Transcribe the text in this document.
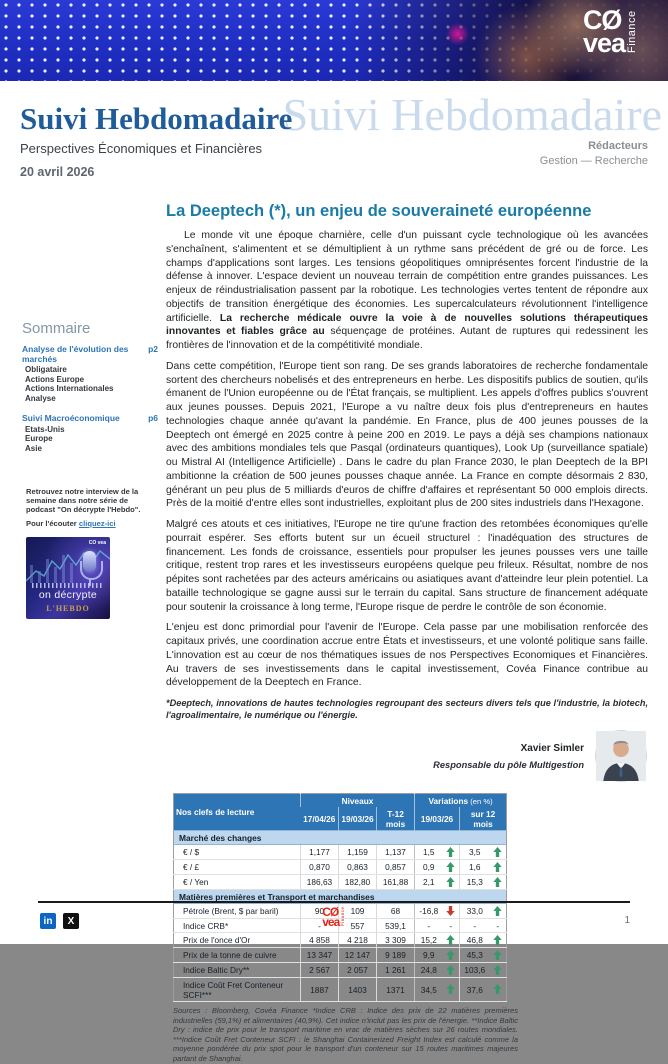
CØ
vea Finance
Suivi Hebdomadaire
Suivi Hebdomadaire
Perspectives Économiques et Financières
20 avril 2026
Rédacteurs
Gestion — Recherche
Sommaire
Analyse de l'évolution des marchés
p2
Obligataire
Actions Europe
Actions Internationales
Analyse
Suivi Macroéconomique	p6
Etats-Unis
Europe
Asie
Retrouvez notre interview de la semaine dans notre série de podcast "On décrypte l'Hebdo".
Pour l'écouter cliquez-ici
CO vea
on décrypte
L'HEBDO
La Deeptech (*), un enjeu de souveraineté européenne

Le monde vit une époque charnière, celle d'un puissant cycle technologique où les avancées s'enchaînent, s'alimentent et se démultiplient à un rythme sans précédent de gré ou de force. Les champs d'applications sont larges. Les tensions géopolitiques omniprésentes forcent l'industrie de la défense à innover. L'espace devient un nouveau terrain de compétition entre grandes puissances. Les enjeux de réindustrialisation passent par la robotique. Les technologies vertes tentent de répondre aux objectifs de transition énergétique des économies. Les supercalculateurs révolutionnent l'intelligence artificielle. La recherche médicale ouvre la voie à de nouvelles solutions thérapeutiques innovantes et fiables grâce au séquençage de protéines. Autant de ruptures qui redessinent les frontières de l'innovation et de la compétitivité mondiale.

Dans cette compétition, l'Europe tient son rang. De ses grands laboratoires de recherche fondamentale sortent des chercheurs nobelisés et des entrepreneurs en herbe. Les dispositifs publics de soutien, qu'ils émanent de l'Union européenne ou de l'État français, se multiplient. Les appels d'offres publics s'ouvrent aux jeunes pousses. Depuis 2021, l'Europe a vu naître deux fois plus d'entrepreneurs en hautes technologies chaque année qu'avant la pandémie. En France, plus de 400 jeunes pousses de la Deeptech ont émergé en 2025 contre à peine 200 en 2019. Le pays a déjà ses champions nationaux avec des ambitions mondiales tels que Pasqal (ordinateurs quantiques), Look Up (surveillance spatiale) ou Mistral AI (Intelligence Artificielle) . Dans le cadre du plan France 2030, le plan Deeptech de la BPI ambitionne la création de 500 jeunes pousses chaque année. La France en compte désormais 2 830, générant un peu plus de 5 milliards d'euros de chiffre d'affaires et représentant 50 000 emplois directs. Près de la moitié d'entre elles sont industrielles, exploitant plus de 200 sites industriels dans l'Hexagone.

Malgré ces atouts et ces initiatives, l'Europe ne tire qu'une fraction des retombées économiques qu'elle pourrait espérer. Ses efforts butent sur un écueil structurel : l'inadéquation des structures de financement. Les fonds de croissance, essentiels pour propulser les jeunes pousses vers une taille critique, restent trop rares et les investisseurs européens quelque peu frileux. Résultat, nombre de nos pépites sont rachetées par des acteurs américains ou asiatiques avant d'atteindre leur plein potentiel. La bataille technologique se gagne aussi sur le terrain du capital. Sans structure de financement adéquate pour soutenir la croissance à long terme, l'Europe risque de perdre le contrôle de son économie.

L'enjeu est donc primordial pour l'avenir de l'Europe. Cela passe par une mobilisation renforcée des capitaux privés, une coordination accrue entre États et investisseurs, et une volonté politique sans faille. L'innovation est au cœur de nos thématiques issues de nos Perspectives Economiques et Financières. Au travers de ses investissements dans le capital investissement, Covéa Finance contribue au développement de la Deeptech en France.

*Deeptech, innovations de hautes technologies regroupant des secteurs divers tels que l'industrie, la biotech, l'agroalimentaire, le numérique ou l'énergie.
Xavier Simler
Responsable du pôle Multigestion
Nos clefs de lecture	Niveaux			Variations (en %)			
	17/04/26	19/03/26	T-12 mois	19/03/26		sur 12 mois	
Marché des changes							
€ / $	1,177	1,159	1,137	1,5		3,5	
€ / £	0,870	0,863	0,857	0,9		1,6	
€ / Yen	186,63	182,80	161,88	2,1		15,3	
Matières premières et Transport et marchandises							
Pétrole (Brent, $ par baril)	90	109	68	-16,8		33,0	
Indice CRB*	-	557	539,1	-	-	-	-
Prix de l'once d'Or	4 858	4 218	3 309	15,2		46,8	
Prix de la tonne de cuivre	13 347	12 147	9 189	9,9		45,3	
Indice Baltic Dry**	2 567	2 057	1 261	24,8		103,6	
Indice Coût Fret Conteneur SCFI***	1887	1403	1371	34,5		37,6	
Sources : Bloomberg, Covéa Finance *Indice CRB : Indice des prix de 22 matières premières industrielles (59,1%) et alimentaires (40,9%). Cet indice n'inclut pas les prix de l'énergie. **Indice Baltic Dry : indice de prix pour le transport maritime en vrac de matières sèches sur 26 routes mondiales. ***Indice Coût Fret Conteneur SCFI : le Shanghai Containerized Freight Index est calculé comme la moyenne pondérée du prix spot pour le transport d'un conteneur sur 15 routes maritimes majeures partant de Shanghai.
in	X
CØ
vea Finance	1
